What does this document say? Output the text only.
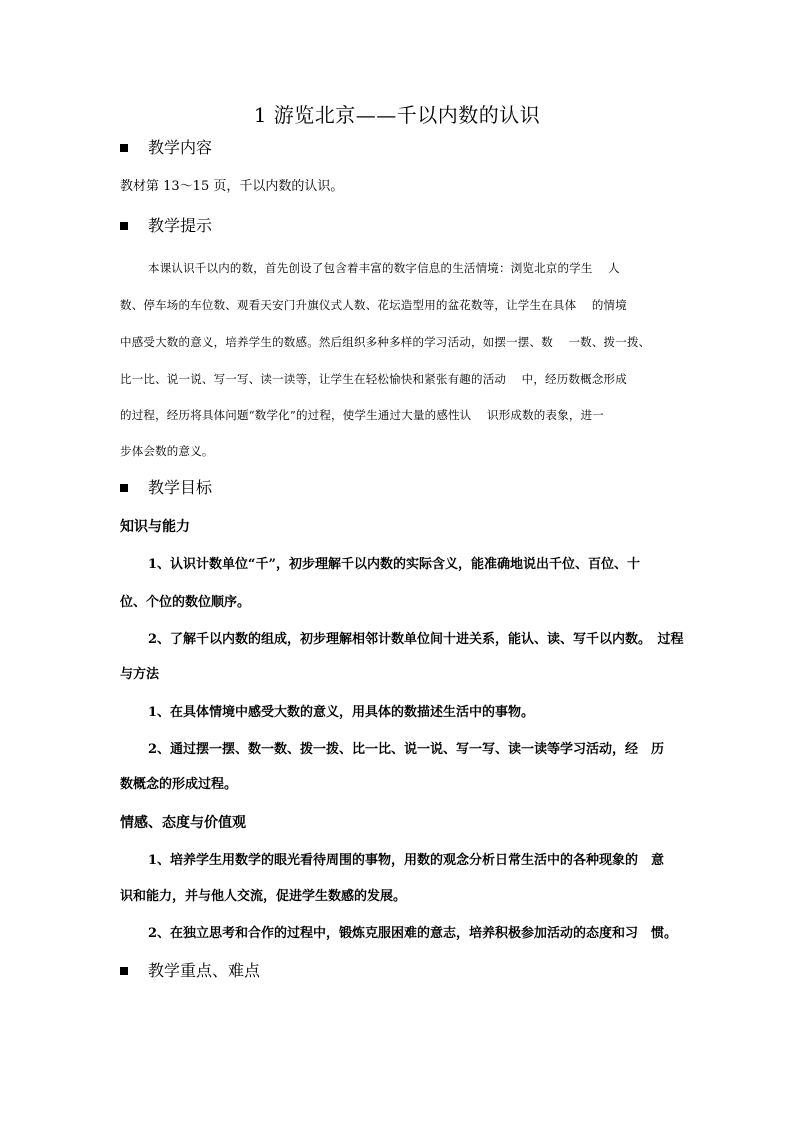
1 游览北京——千以内数的认识
教学内容
教材第 13～15 页，千以内数的认识。
教学提示
本课认识千以内的数，首先创设了包含着丰富的数字信息的生活情境：浏览北京的学生　 人
数、停车场的车位数、观看天安门升旗仪式人数、花坛造型用的盆花数等，让学生在具体　 的情境
中感受大数的意义，培养学生的数感。然后组织多种多样的学习活动，如摆一摆、数　 一数、拨一拨、
比一比、说一说、写一写、读一读等，让学生在轻松愉快和紧张有趣的活动　 中，经历数概念形成
的过程，经历将具体问题“数学化”的过程，使学生通过大量的感性认　 识形成数的表象，进一
步体会数的意义。
教学目标
知识与能力
1、认识计数单位“千”，初步理解千以内数的实际含义，能准确地说出千位、百位、十
位、个位的数位顺序。
2、了解千以内数的组成，初步理解相邻计数单位间十进关系，能认、读、写千以内数。　过程
与方法
1、在具体情境中感受大数的意义，用具体的数描述生活中的事物。
2、通过摆一摆、数一数、拨一拨、比一比、说一说、写一写、读一读等学习活动，经　历
数概念的形成过程。
情感、态度与价值观
1、培养学生用数学的眼光看待周围的事物，用数的观念分析日常生活中的各种现象的　意
识和能力，并与他人交流，促进学生数感的发展。
2、在独立思考和合作的过程中，锻炼克服困难的意志，培养积极参加活动的态度和习　惯。
教学重点、难点
